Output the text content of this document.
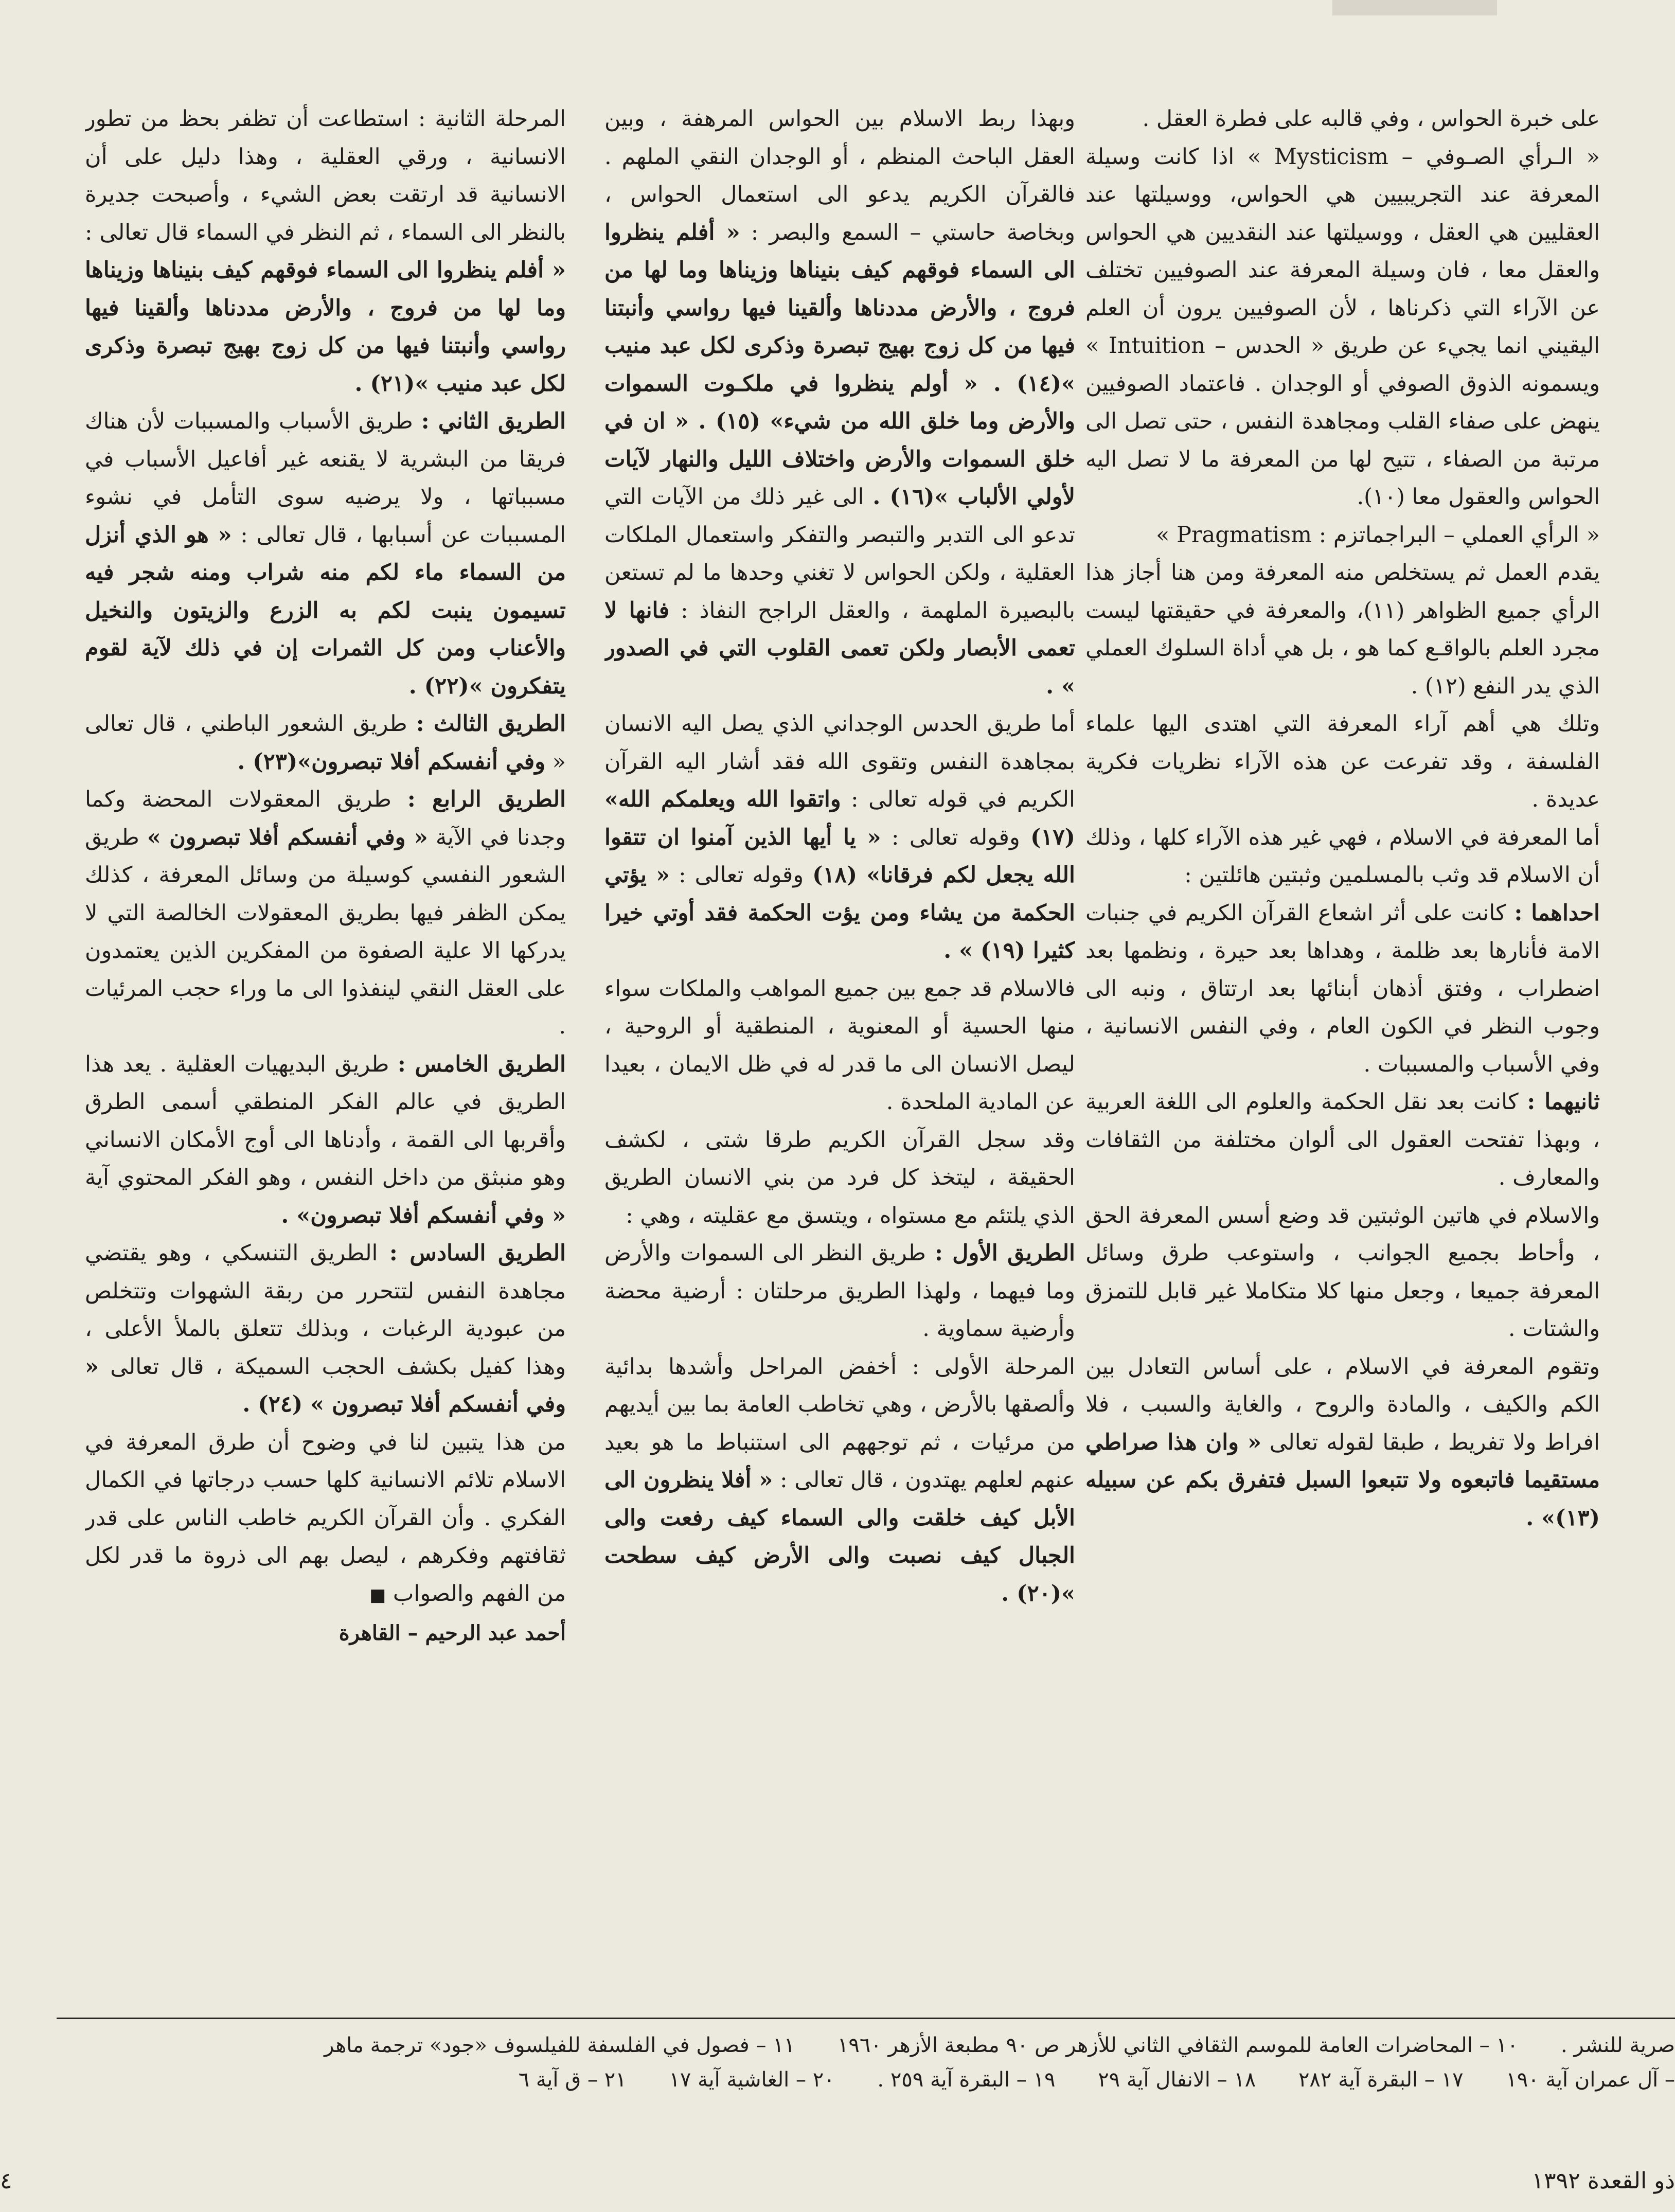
على خبرة الحواس ، وفي قالبه على فطرة العقل .

« الـرأي الصـوفي – Mysticism » اذا كانت وسيلة المعرفة عند التجريبيين هي الحواس، ووسيلتها عند العقليين هي العقل ، ووسيلتها عند النقديين هي الحواس والعقل معا ، فان وسيلة المعرفة عند الصوفيين تختلف عن الآراء التي ذكرناها ، لأن الصوفيين يرون أن العلم اليقيني انما يجيء عن طريق « الحدس – Intuition » ويسمونه الذوق الصوفي أو الوجدان . فاعتماد الصوفيين ينهض على صفاء القلب ومجاهدة النفس ، حتى تصل الى مرتبة من الصفاء ، تتيح لها من المعرفة ما لا تصل اليه الحواس والعقول معا (١٠).

« الرأي العملي – البراجماتزم : Pragmatism »

يقدم العمل ثم يستخلص منه المعرفة ومن هنا أجاز هذا الرأي جميع الظواهر (١١)، والمعرفة في حقيقتها ليست مجرد العلم بالواقـع كما هو ، بل هي أداة السلوك العملي الذي يدر النفع (١٢) .

وتلك هي أهم آراء المعرفة التي اهتدى اليها علماء الفلسفة ، وقد تفرعت عن هذه الآراء نظريات فكرية عديدة .

أما المعرفة في الاسلام ، فهي غير هذه الآراء كلها ، وذلك أن الاسلام قد وثب بالمسلمين وثبتين هائلتين :

احداهما : كانت على أثر اشعاع القرآن الكريم في جنبات الامة فأنارها بعد ظلمة ، وهداها بعد حيرة ، ونظمها بعد اضطراب ، وفتق أذهان أبنائها بعد ارتتاق ، ونبه الى وجوب النظر في الكون العام ، وفي النفس الانسانية ، وفي الأسباب والمسببات .

ثانيهما : كانت بعد نقل الحكمة والعلوم الى اللغة العربية ، وبهذا تفتحت العقول الى ألوان مختلفة من الثقافات والمعارف .

والاسلام في هاتين الوثبتين قد وضع أسس المعرفة الحق ، وأحاط بجميع الجوانب ، واستوعب طرق وسائل المعرفة جميعا ، وجعل منها كلا متكاملا غير قابل للتمزق والشتات .

وتقوم المعرفة في الاسلام ، على أساس التعادل بين الكم والكيف ، والمادة والروح ، والغاية والسبب ، فلا افراط ولا تفريط ، طبقا لقوله تعالى « وان هذا صراطي مستقيما فاتبعوه ولا تتبعوا السبل فتفرق بكم عن سبيله (١٣)» .

وبهذا ربط الاسلام بين الحواس المرهفة ، وبين العقل الباحث المنظم ، أو الوجدان النقي الملهم . فالقرآن الكريم يدعو الى استعمال الحواس ، وبخاصة حاستي – السمع والبصر : « أفلم ينظروا الى السماء فوقهم كيف بنيناها وزيناها وما لها من فروج ، والأرض مددناها وألقينا فيها رواسي وأنبتنا فيها من كل زوج بهيج تبصرة وذكرى لكل عبد منيب »(١٤) . « أولم ينظروا في ملكـوت السموات والأرض وما خلق الله من شيء» (١٥) . « ان في خلق السموات والأرض واختلاف الليل والنهار لآيات لأولي الألباب »(١٦) . الى غير ذلك من الآيات التي تدعو الى التدبر والتبصر والتفكر واستعمال الملكات العقلية ، ولكن الحواس لا تغني وحدها ما لم تستعن بالبصيرة الملهمة ، والعقل الراجح النفاذ : فانها لا تعمى الأبصار ولكن تعمى القلوب التي في الصدور » .

أما طريق الحدس الوجداني الذي يصل اليه الانسان بمجاهدة النفس وتقوى الله فقد أشار اليه القرآن الكريم في قوله تعالى : واتقوا الله ويعلمكم الله» (١٧) وقوله تعالى : « يا أيها الذين آمنوا ان تتقوا الله يجعل لكم فرقانا» (١٨) وقوله تعالى : « يؤتي الحكمة من يشاء ومن يؤت الحكمة فقد أوتي خيرا كثيرا (١٩) » .

فالاسلام قد جمع بين جميع المواهب والملكات سواء منها الحسية أو المعنوية ، المنطقية أو الروحية ، ليصل الانسان الى ما قدر له في ظل الايمان ، بعيدا عن المادية الملحدة .

وقد سجل القرآن الكريم طرقا شتى ، لكشف الحقيقة ، ليتخذ كل فرد من بني الانسان الطريق الذي يلتئم مع مستواه ، ويتسق مع عقليته ، وهي :

الطريق الأول : طريق النظر الى السموات والأرض وما فيهما ، ولهذا الطريق مرحلتان : أرضية محضة وأرضية سماوية .

المرحلة الأولى : أخفض المراحل وأشدها بدائية وألصقها بالأرض ، وهي تخاطب العامة بما بين أيديهم من مرئيات ، ثم توجههم الى استنباط ما هو بعيد عنهم لعلهم يهتدون ، قال تعالى : « أفلا ينظرون الى الأبل كيف خلقت والى السماء كيف رفعت والى الجبال كيف نصبت والى الأرض كيف سطحت »(٢٠) .

المرحلة الثانية : استطاعت أن تظفر بحظ من تطور الانسانية ، ورقي العقلية ، وهذا دليل على أن الانسانية قد ارتقت بعض الشيء ، وأصبحت جديرة بالنظر الى السماء ، ثم النظر في السماء قال تعالى : « أفلم ينظروا الى السماء فوقهم كيف بنيناها وزيناها وما لها من فروج ، والأرض مددناها وألقينا فيها رواسي وأنبتنا فيها من كل زوج بهيج تبصرة وذكرى لكل عبد منيب »(٢١) .

الطريق الثاني : طريق الأسباب والمسببات لأن هناك فريقا من البشرية لا يقنعه غير أفاعيل الأسباب في مسبباتها ، ولا يرضيه سوى التأمل في نشوء المسببات عن أسبابها ، قال تعالى : « هو الذي أنزل من السماء ماء لكم منه شراب ومنه شجر فيه تسيمون ينبت لكم به الزرع والزيتون والنخيل والأعناب ومن كل الثمرات إن في ذلك لآية لقوم يتفكرون »(٢٢) .

الطريق الثالث : طريق الشعور الباطني ، قال تعالى « وفي أنفسكم أفلا تبصرون»(٢٣) .

الطريق الرابع : طريق المعقولات المحضة وكما وجدنا في الآية « وفي أنفسكم أفلا تبصرون » طريق الشعور النفسي كوسيلة من وسائل المعرفة ، كذلك يمكن الظفر فيها بطريق المعقولات الخالصة التي لا يدركها الا علية الصفوة من المفكرين الذين يعتمدون على العقل النقي لينفذوا الى ما وراء حجب المرئيات .

الطريق الخامس : طريق البديهيات العقلية . يعد هذا الطريق في عالم الفكر المنطقي أسمى الطرق وأقربها الى القمة ، وأدناها الى أوج الأمكان الانساني وهو منبثق من داخل النفس ، وهو الفكر المحتوي آية « وفي أنفسكم أفلا تبصرون» .

الطريق السادس : الطريق التنسكي ، وهو يقتضي مجاهدة النفس لتتحرر من ربقة الشهوات وتتخلص من عبودية الرغبات ، وبذلك تتعلق بالملأ الأعلى ، وهذا كفيل بكشف الحجب السميكة ، قال تعالى « وفي أنفسكم أفلا تبصرون » (٢٤) .

من هذا يتبين لنا في وضوح أن طرق المعرفة في الاسلام تلائم الانسانية كلها حسب درجاتها في الكمال الفكري . وأن القرآن الكريم خاطب الناس على قدر ثقافتهم وفكرهم ، ليصل بهم الى ذروة ما قدر لكل من الفهم والصواب ■

أحمد عبد الرحيم – القاهرة

صرية للنشر . ١٠ – المحاضرات العامة للموسم الثقافي الثاني للأزهر ص ٩٠ مطبعة الأزهر ١٩٦٠ ١١ – فصول في الفلسفة للفيلسوف «جود» ترجمة ماهر
– آل عمران آية ١٩٠ ١٧ – البقرة آية ٢٨٢ ١٨ – الانفال آية ٢٩ ١٩ – البقرة آية ٢٥٩ . ٢٠ – الغاشية آية ١٧ ٢١ – ق آية ٦
ذو القعدة ١٣٩٢
٤
